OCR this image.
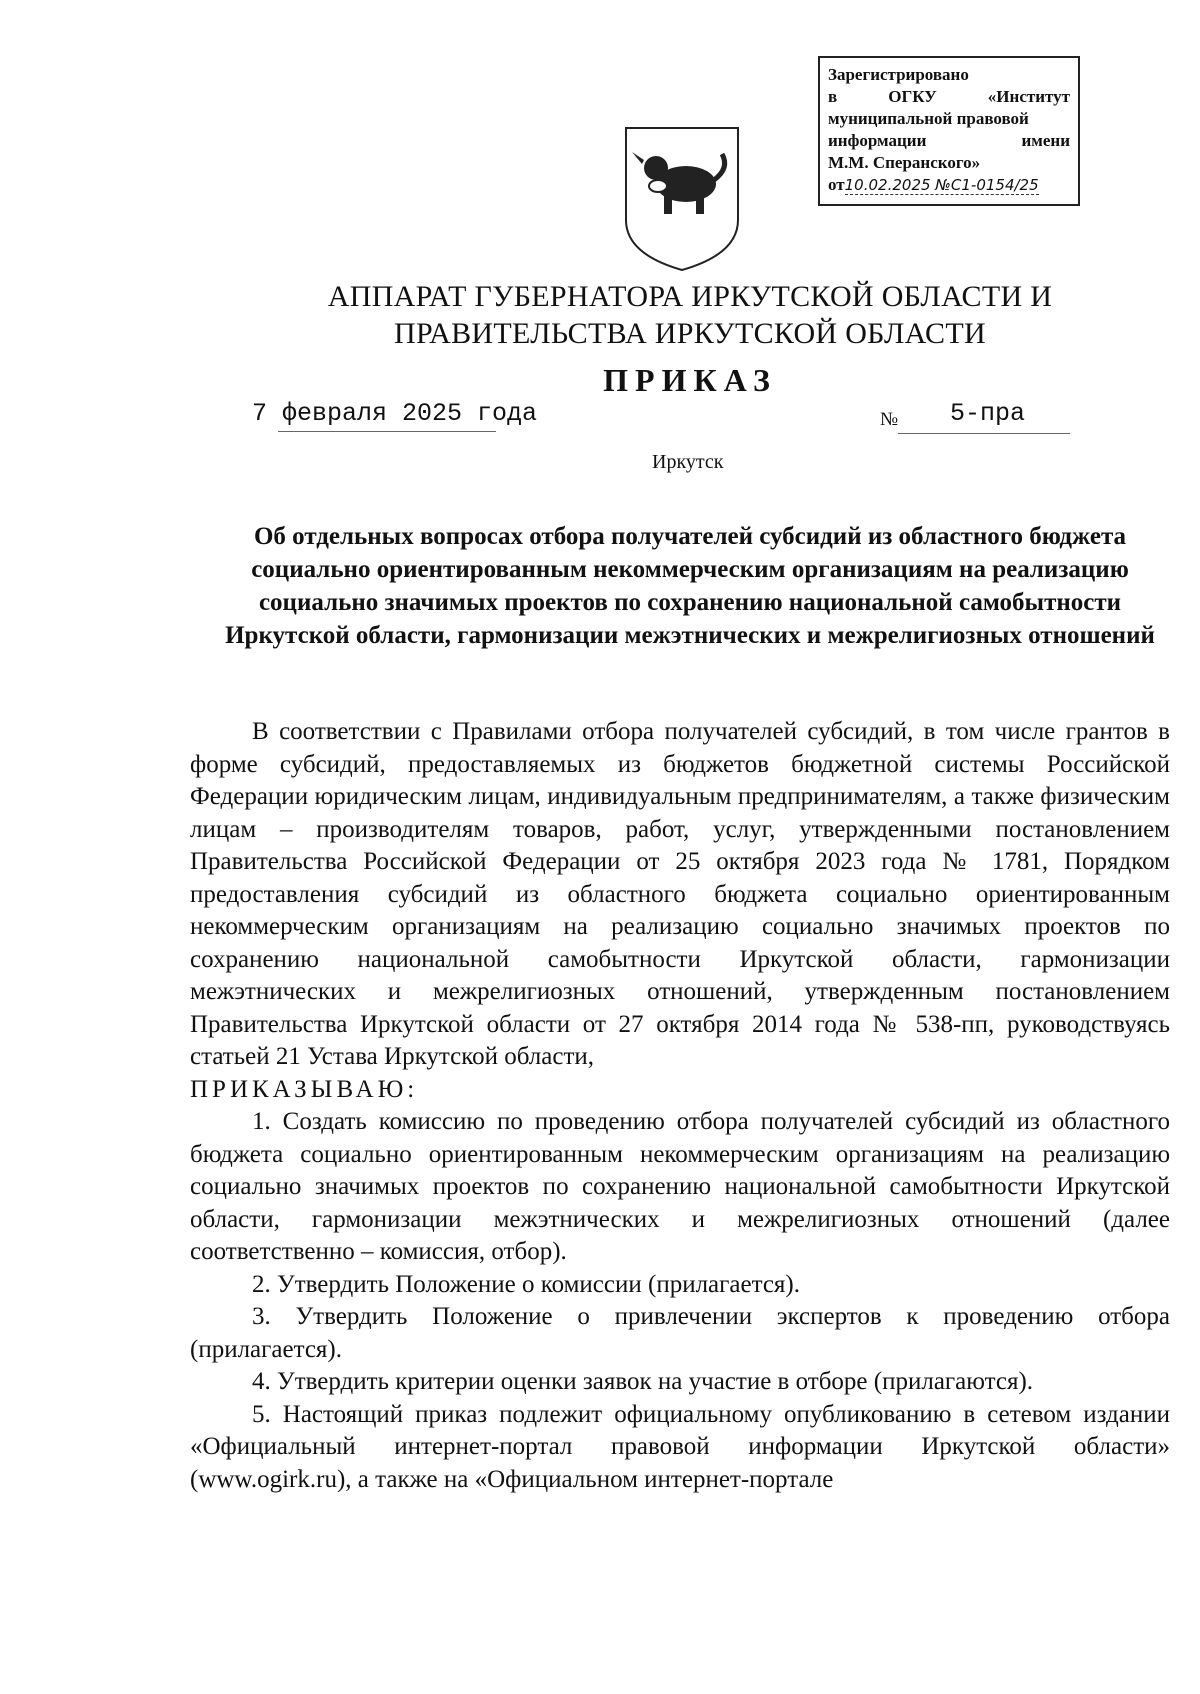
Зарегистрировано
в ОГКУ «Институт
муниципальной правовой
информации имени
М.М. Сперанского»
от10.02.2025 №С1-0154/25
АППАРАТ ГУБЕРНАТОРА ИРКУТСКОЙ ОБЛАСТИ И
ПРАВИТЕЛЬСТВА ИРКУТСКОЙ ОБЛАСТИ
ПРИКАЗ
7 февраля 2025 года	№ 5-пра
Иркутск
Об отдельных вопросах отбора получателей субсидий из областного бюджета социально ориентированным некоммерческим организациям на реализацию социально значимых проектов по сохранению национальной самобытности Иркутской области, гармонизации межэтнических и межрелигиозных отношений

В соответствии с Правилами отбора получателей субсидий, в том числе грантов в форме субсидий, предоставляемых из бюджетов бюджетной системы Российской Федерации юридическим лицам, индивидуальным предпринимателям, а также физическим лицам – производителям товаров, работ, услуг, утвержденными постановлением Правительства Российской Федерации от 25 октября 2023 года № 1781, Порядком предоставления субсидий из областного бюджета социально ориентированным некоммерческим организациям на реализацию социально значимых проектов по сохранению национальной самобытности Иркутской области, гармонизации межэтнических и межрелигиозных отношений, утвержденным постановлением Правительства Иркутской области от 27 октября 2014 года № 538-пп, руководствуясь статьей 21 Устава Иркутской области,

ПРИКАЗЫВАЮ:

1. Создать комиссию по проведению отбора получателей субсидий из областного бюджета социально ориентированным некоммерческим организациям на реализацию социально значимых проектов по сохранению национальной самобытности Иркутской области, гармонизации межэтнических и межрелигиозных отношений (далее соответственно – комиссия, отбор).

2. Утвердить Положение о комиссии (прилагается).

3. Утвердить Положение о привлечении экспертов к проведению отбора (прилагается).

4. Утвердить критерии оценки заявок на участие в отборе (прилагаются).

5. Настоящий приказ подлежит официальному опубликованию в сетевом издании «Официальный интернет-портал правовой информации Иркутской области» (www.ogirk.ru), а также на «Официальном интернет-портале
